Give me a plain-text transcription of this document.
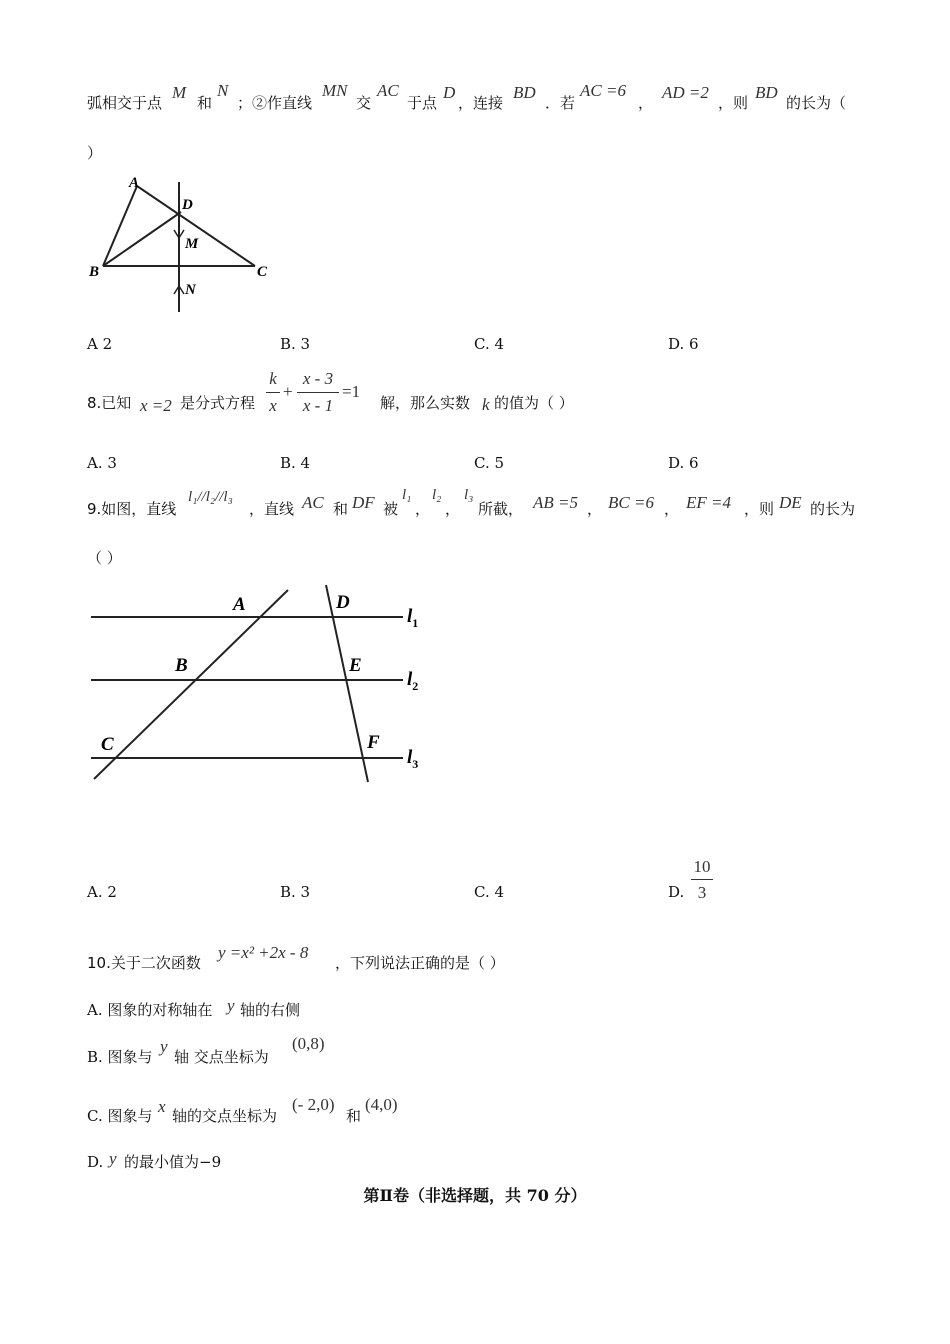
弧相交于点
M
和
N
；②作直线
MN
交
AC
于点
D
，连接
BD
．若
AC =6
，
AD =2
，则
BD
的长为（
）
A
D
M
B	C
N
A 2	B. 3	C. 4	D. 6
8.已知 x =2 是分式方程
k
x
+
x - 3
x - 1
=1
解，那么实数 k 的值为（ ）
A. 3	B. 4	C. 5	D. 6
9.如图，直线
l₁//l₂//l₃
，直线 AC 和 DF 被
l₁
，
l₂
，
l₃
所截， AB =5 ， BC =6 ， EF =4 ，则 DE 的长为
（ ）
A	D
B	E
C	F
$l_1$
$l_2$
$l_3$
A. 2	B. 3	C. 4	D.
10
3
10.关于二次函数
y =x² +2x - 8
，下列说法正确的是（ ）
A. 图象的对称轴在 y 轴的右侧
B. 图象与
y
轴 交点坐标为
(0,8)
C. 图象与 x 轴的交点坐标为
(- 2,0)
和
(4,0)
D. y 的最小值为−9
第Ⅱ卷（非选择题，共 70 分）
